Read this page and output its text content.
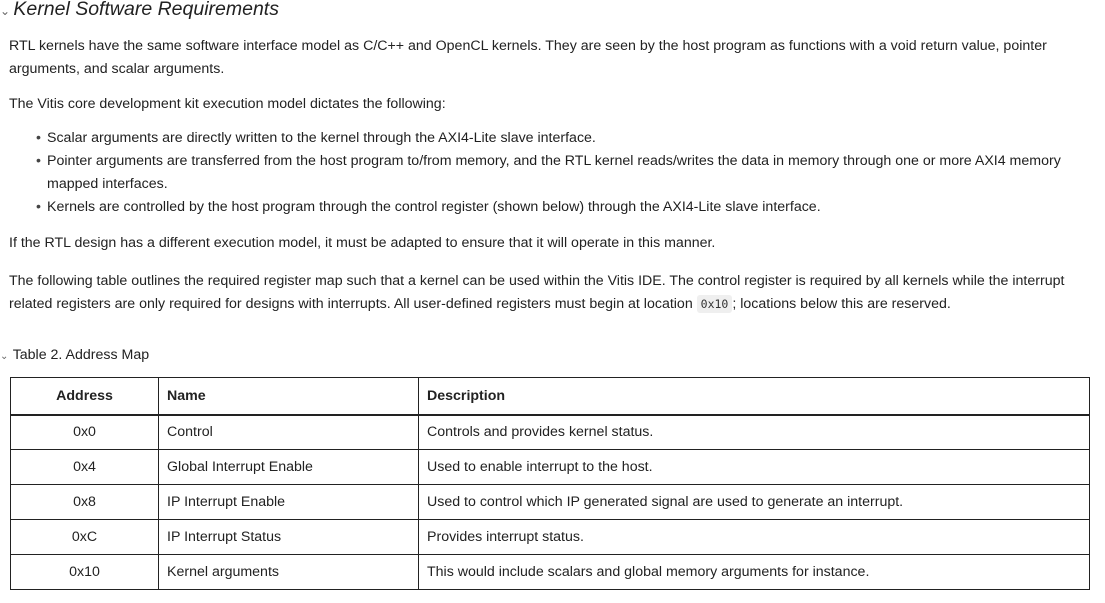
⌄ Kernel Software Requirements

RTL kernels have the same software interface model as C/C++ and OpenCL kernels. They are seen by the host program as functions with a void return value, pointer arguments, and scalar arguments.

The Vitis core development kit execution model dictates the following:

• Scalar arguments are directly written to the kernel through the AXI4-Lite slave interface.
• Pointer arguments are transferred from the host program to/from memory, and the RTL kernel reads/writes the data in memory through one or more AXI4 memory mapped interfaces.
• Kernels are controlled by the host program through the control register (shown below) through the AXI4-Lite slave interface.

If the RTL design has a different execution model, it must be adapted to ensure that it will operate in this manner.

The following table outlines the required register map such that a kernel can be used within the Vitis IDE. The control register is required by all kernels while the interrupt related registers are only required for designs with interrupts. All user-defined registers must begin at location 0x10 ; locations below this are reserved.

⌄ Table 2. Address Map

Address	Name	Description
0x0	Control	Controls and provides kernel status.
0x4	Global Interrupt Enable	Used to enable interrupt to the host.
0x8	IP Interrupt Enable	Used to control which IP generated signal are used to generate an interrupt.
0xC	IP Interrupt Status	Provides interrupt status.
0x10	Kernel arguments	This would include scalars and global memory arguments for instance.
